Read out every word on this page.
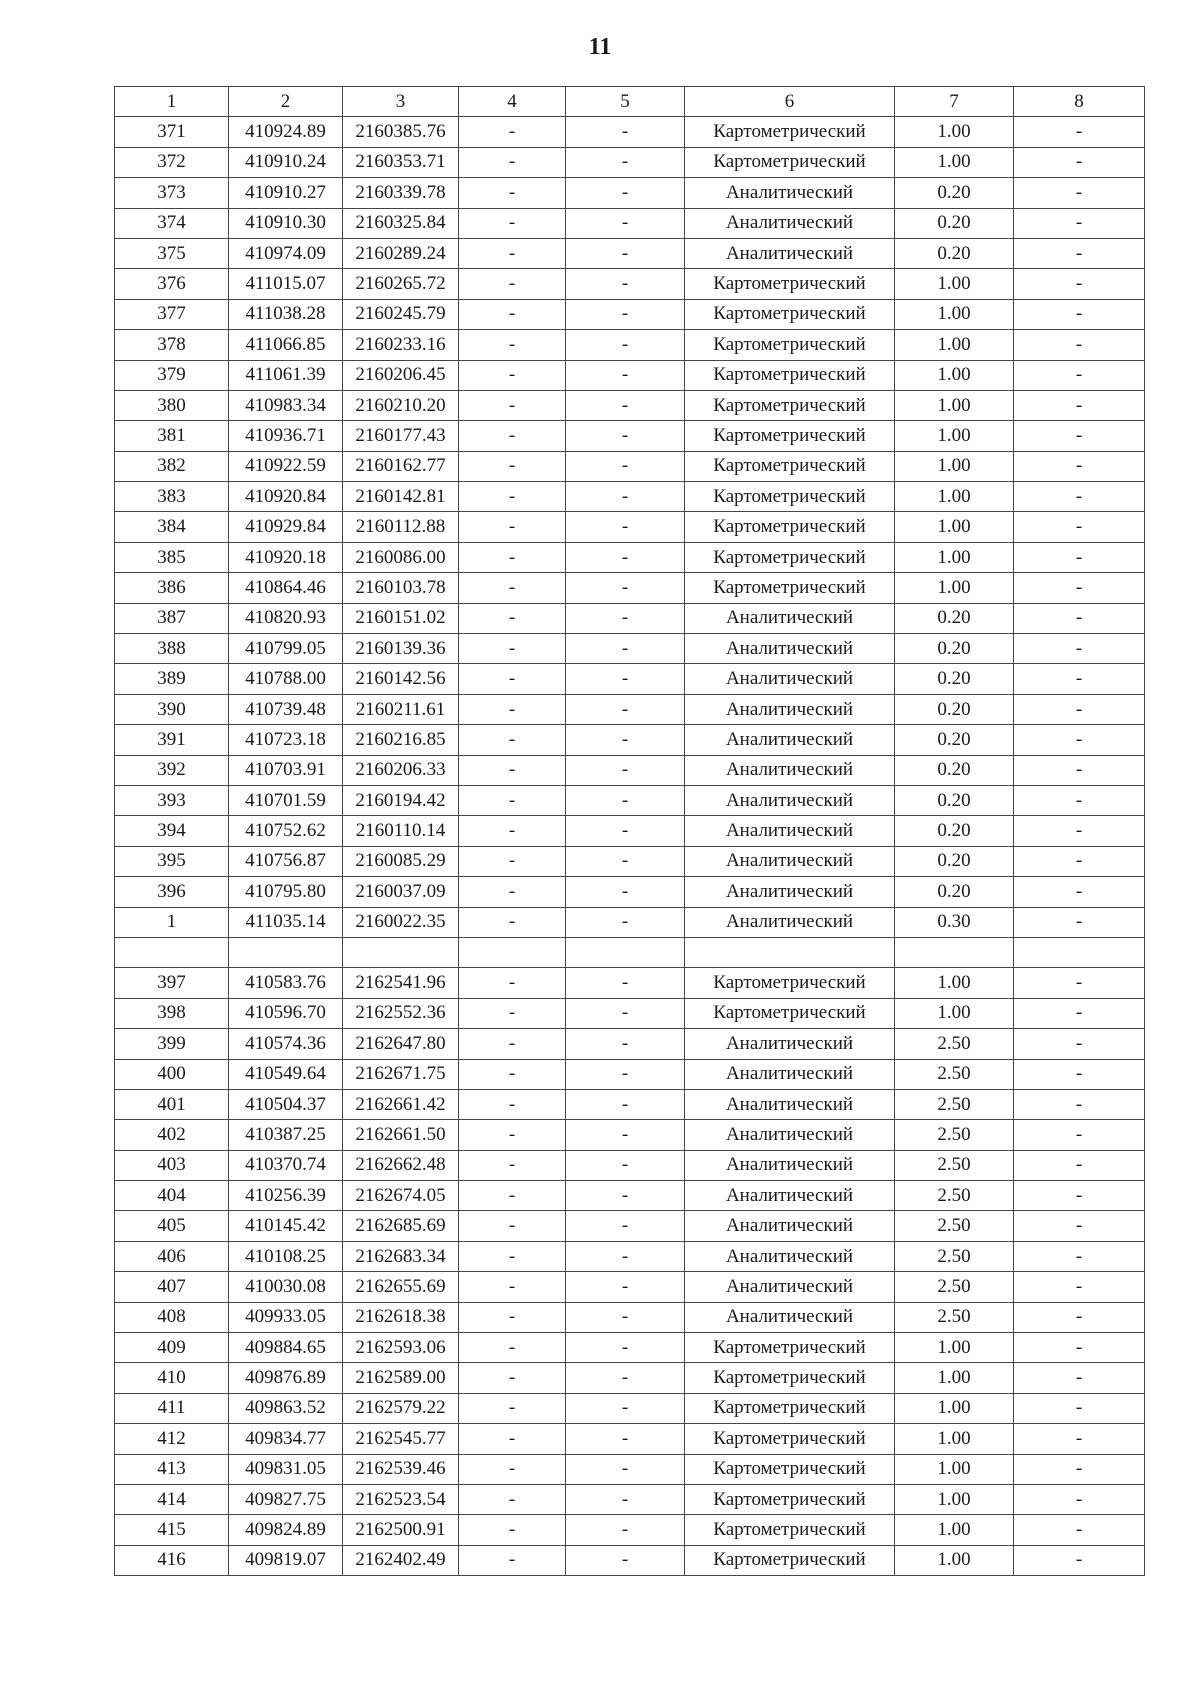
11
1	2	3	4	5	6	7	8
371	410924.89	2160385.76	-	-	Картометрический	1.00	-
372	410910.24	2160353.71	-	-	Картометрический	1.00	-
373	410910.27	2160339.78	-	-	Аналитический	0.20	-
374	410910.30	2160325.84	-	-	Аналитический	0.20	-
375	410974.09	2160289.24	-	-	Аналитический	0.20	-
376	411015.07	2160265.72	-	-	Картометрический	1.00	-
377	411038.28	2160245.79	-	-	Картометрический	1.00	-
378	411066.85	2160233.16	-	-	Картометрический	1.00	-
379	411061.39	2160206.45	-	-	Картометрический	1.00	-
380	410983.34	2160210.20	-	-	Картометрический	1.00	-
381	410936.71	2160177.43	-	-	Картометрический	1.00	-
382	410922.59	2160162.77	-	-	Картометрический	1.00	-
383	410920.84	2160142.81	-	-	Картометрический	1.00	-
384	410929.84	2160112.88	-	-	Картометрический	1.00	-
385	410920.18	2160086.00	-	-	Картометрический	1.00	-
386	410864.46	2160103.78	-	-	Картометрический	1.00	-
387	410820.93	2160151.02	-	-	Аналитический	0.20	-
388	410799.05	2160139.36	-	-	Аналитический	0.20	-
389	410788.00	2160142.56	-	-	Аналитический	0.20	-
390	410739.48	2160211.61	-	-	Аналитический	0.20	-
391	410723.18	2160216.85	-	-	Аналитический	0.20	-
392	410703.91	2160206.33	-	-	Аналитический	0.20	-
393	410701.59	2160194.42	-	-	Аналитический	0.20	-
394	410752.62	2160110.14	-	-	Аналитический	0.20	-
395	410756.87	2160085.29	-	-	Аналитический	0.20	-
396	410795.80	2160037.09	-	-	Аналитический	0.20	-
1	411035.14	2160022.35	-	-	Аналитический	0.30	-

397	410583.76	2162541.96	-	-	Картометрический	1.00	-
398	410596.70	2162552.36	-	-	Картометрический	1.00	-
399	410574.36	2162647.80	-	-	Аналитический	2.50	-
400	410549.64	2162671.75	-	-	Аналитический	2.50	-
401	410504.37	2162661.42	-	-	Аналитический	2.50	-
402	410387.25	2162661.50	-	-	Аналитический	2.50	-
403	410370.74	2162662.48	-	-	Аналитический	2.50	-
404	410256.39	2162674.05	-	-	Аналитический	2.50	-
405	410145.42	2162685.69	-	-	Аналитический	2.50	-
406	410108.25	2162683.34	-	-	Аналитический	2.50	-
407	410030.08	2162655.69	-	-	Аналитический	2.50	-
408	409933.05	2162618.38	-	-	Аналитический	2.50	-
409	409884.65	2162593.06	-	-	Картометрический	1.00	-
410	409876.89	2162589.00	-	-	Картометрический	1.00	-
411	409863.52	2162579.22	-	-	Картометрический	1.00	-
412	409834.77	2162545.77	-	-	Картометрический	1.00	-
413	409831.05	2162539.46	-	-	Картометрический	1.00	-
414	409827.75	2162523.54	-	-	Картометрический	1.00	-
415	409824.89	2162500.91	-	-	Картометрический	1.00	-
416	409819.07	2162402.49	-	-	Картометрический	1.00	-
